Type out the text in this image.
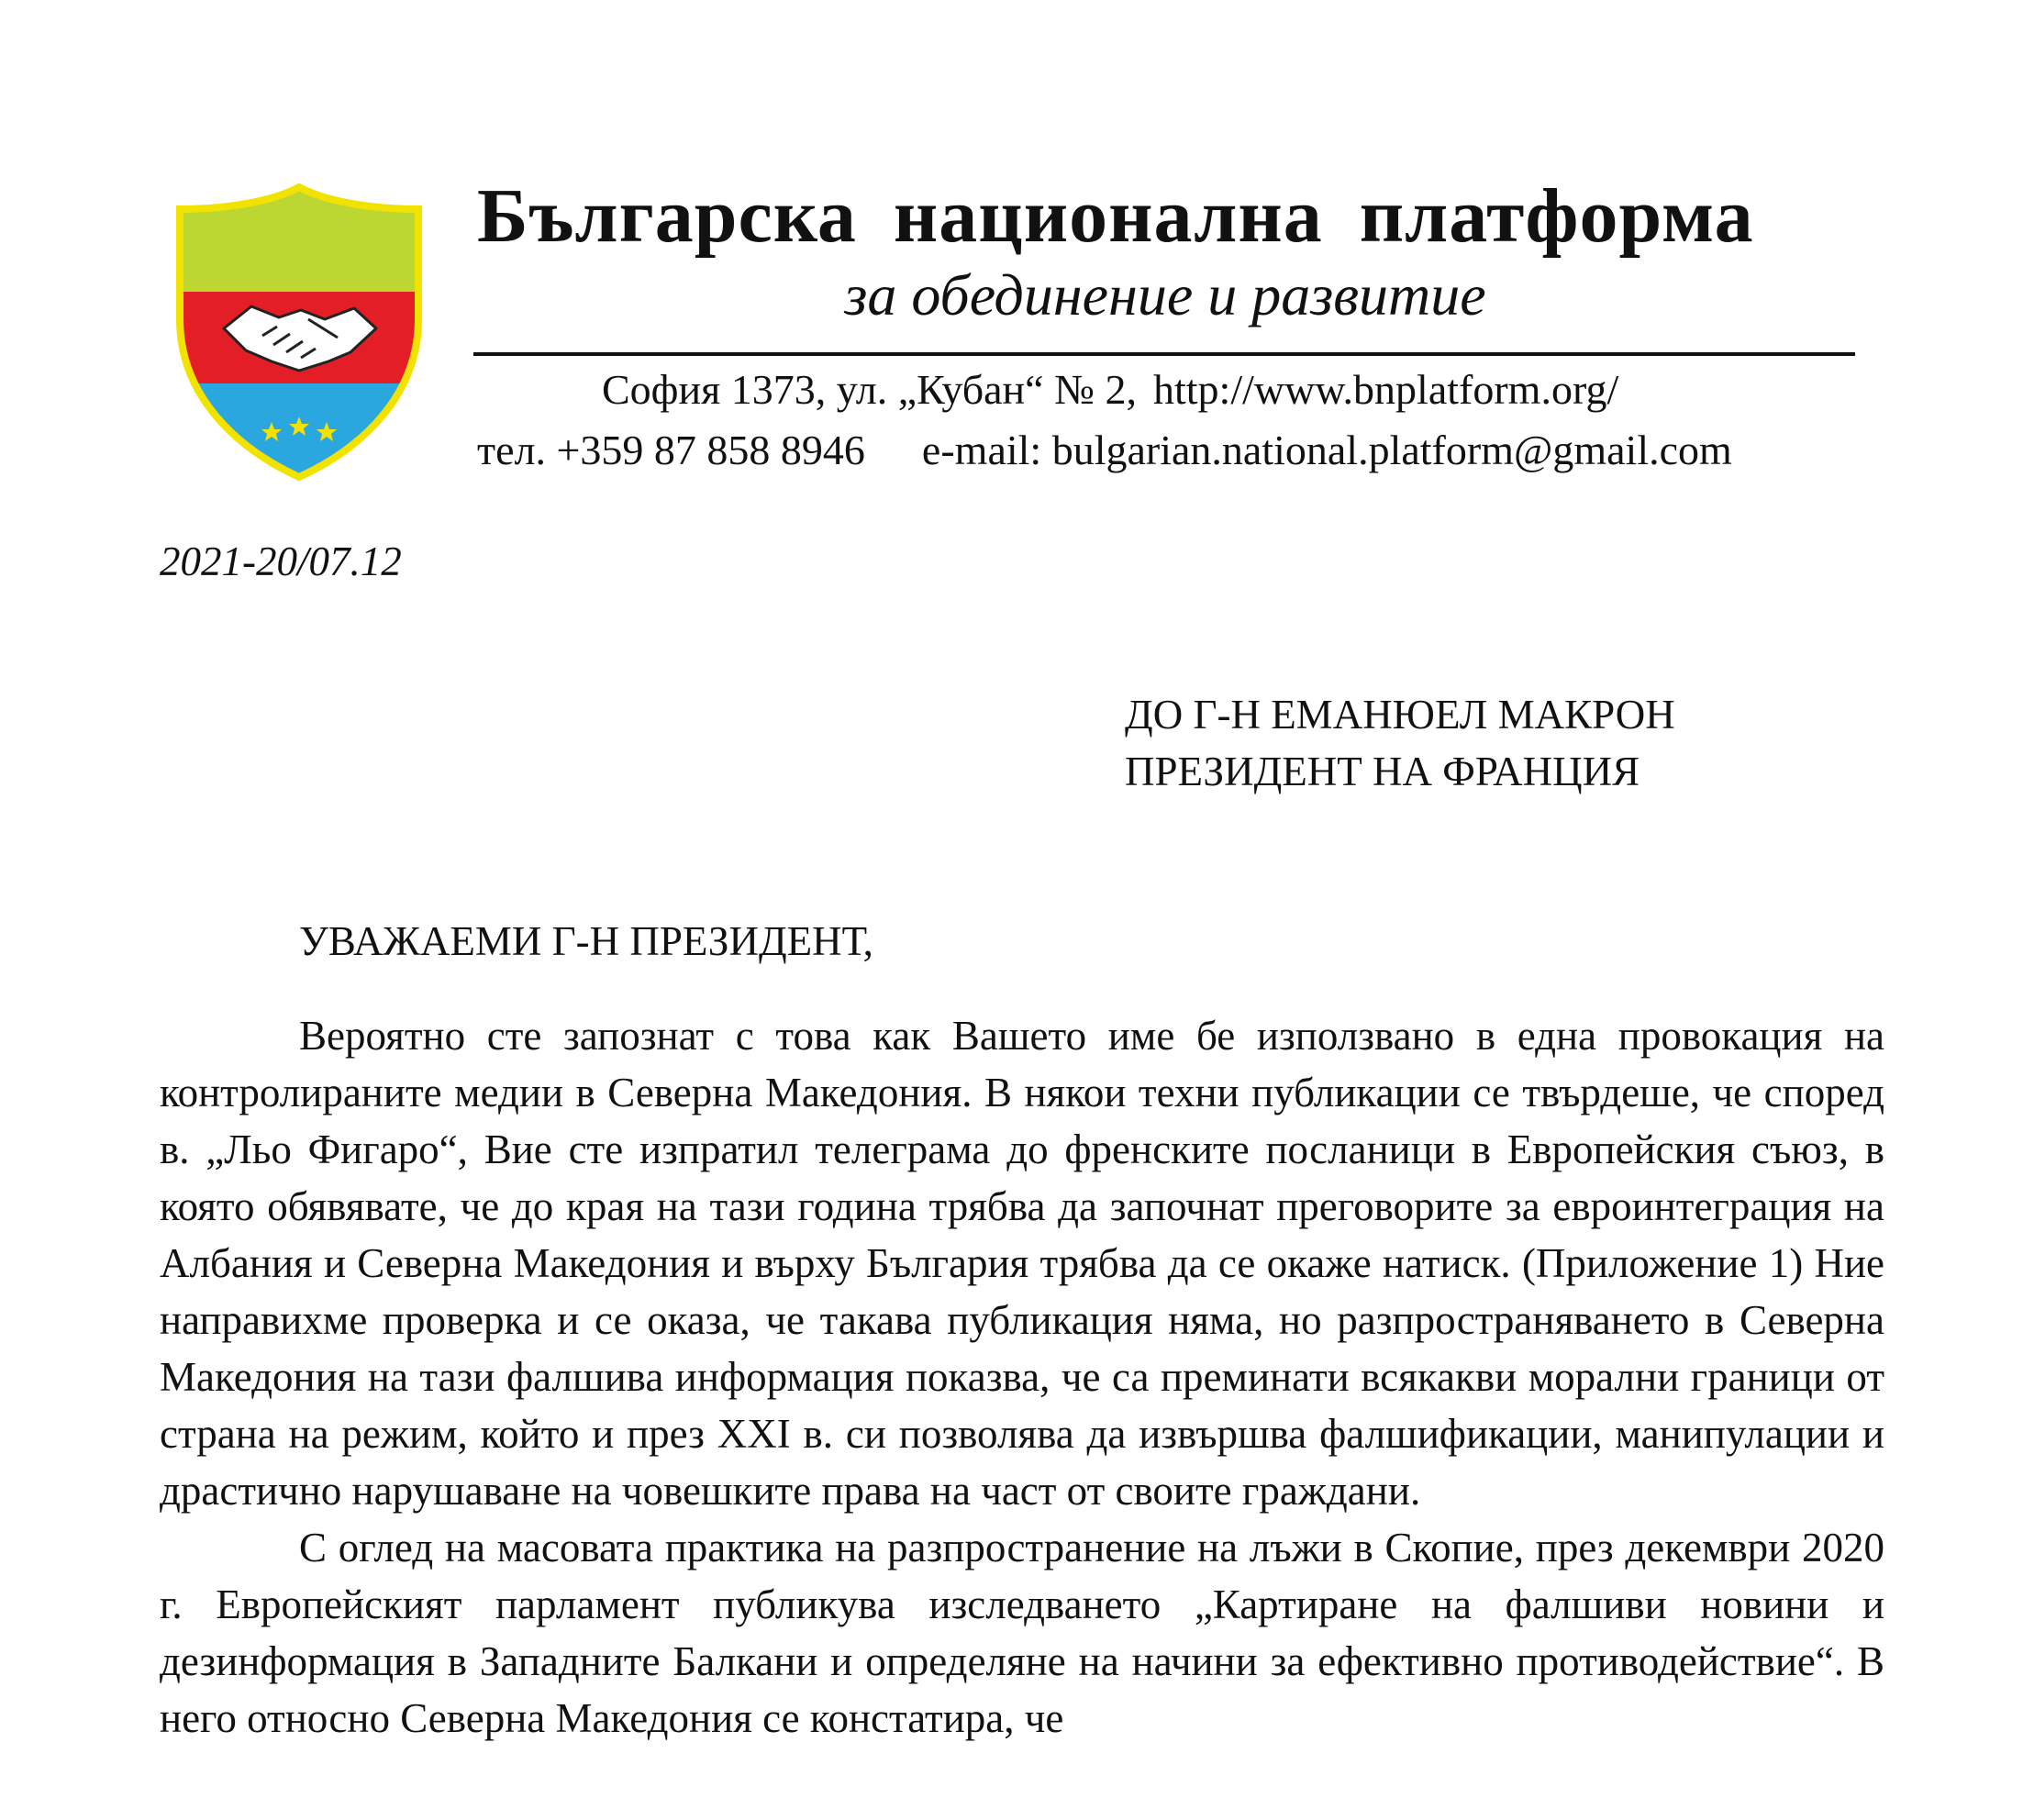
Българска национална платформа
за обединение и развитие
София 1373, ул. „Кубан“ № 2, http://www.bnplatform.org/
тел. +359 87 858 8946 e-mail: bulgarian.national.platform@gmail.com
2021-20/07.12
ДО Г-Н ЕМАНЮЕЛ МАКРОН
ПРЕЗИДЕНТ НА ФРАНЦИЯ
УВАЖАЕМИ Г-Н ПРЕЗИДЕНТ,

Вероятно сте запознат с това как Вашето име бе използвано в една провокация на контролираните медии в Северна Македония. В някои техни публикации се твърдеше, че според в. „Льо Фигаро“, Вие сте изпратил телеграма до френските посланици в Европейския съюз, в която обявявате, че до края на тази година трябва да започнат преговорите за евроинтеграция на Албания и Северна Македония и върху България трябва да се окаже натиск. (Приложение 1) Ние направихме проверка и се оказа, че такава публикация няма, но разпространяването в Северна Македония на тази фалшива информация показва, че са преминати всякакви морални граници от страна на режим, който и през XXI в. си позволява да извършва фалшификации, манипулации и драстично нарушаване на човешките права на част от своите граждани.

С оглед на масовата практика на разпространение на лъжи в Скопие, през декември 2020 г. Европейският парламент публикува изследването „Картиране на фалшиви новини и дезинформация в Западните Балкани и определяне на начини за ефективно противодействие“. В него относно Северна Македония се констатира, че
